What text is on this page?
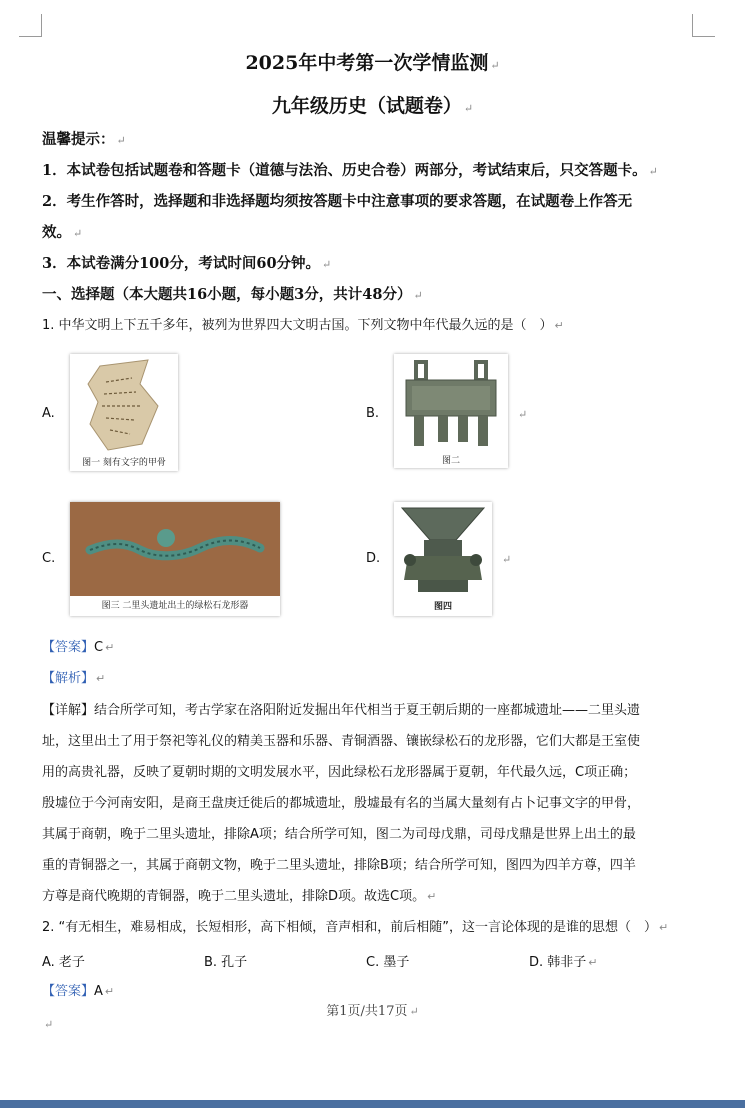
2025年中考第一次学情监测 ↵
九年级历史（试题卷） ↵
温馨提示： ↵
1．本试卷包括试题卷和答题卡（道德与法治、历史合卷）两部分，考试结束后，只交答题卡。 ↵
2．考生作答时，选择题和非选择题均须按答题卡中注意事项的要求答题，在试题卷上作答无
效。 ↵
3．本试卷满分100分，考试时间60分钟。 ↵
一、选择题（本大题共16小题，每小题3分，共计48分） ↵
1. 中华文明上下五千多年，被列为世界四大文明古国。下列文物中年代最久远的是（　） ↵
A.
图一 刻有文字的甲骨
B.
图二
↵
C.
图三 二里头遗址出土的绿松石龙形器
D.
图四
↵
【答案】C ↵
【解析】 ↵
【详解】结合所学可知，考古学家在洛阳附近发掘出年代相当于夏王朝后期的一座都城遗址——二里头遗
址，这里出土了用于祭祀等礼仪的精美玉器和乐器、青铜酒器、镶嵌绿松石的龙形器，它们大都是王室使
用的高贵礼器，反映了夏朝时期的文明发展水平，因此绿松石龙形器属于夏朝，年代最久远，C项正确；
殷墟位于今河南安阳，是商王盘庚迁徙后的都城遗址，殷墟最有名的当属大量刻有占卜记事文字的甲骨，
其属于商朝，晚于二里头遗址，排除A项；结合所学可知，图二为司母戊鼎，司母戊鼎是世界上出土的最
重的青铜器之一，其属于商朝文物，晚于二里头遗址，排除B项；结合所学可知，图四为四羊方尊，四羊
方尊是商代晚期的青铜器，晚于二里头遗址，排除D项。故选C项。 ↵
2. “有无相生，难易相成，长短相形，高下相倾，音声相和，前后相随”，这一言论体现的是谁的思想（　） ↵
A. 老子	B. 孔子	C. 墨子	D. 韩非子 ↵
【答案】A ↵
第1页/共17页 ↵
↵
